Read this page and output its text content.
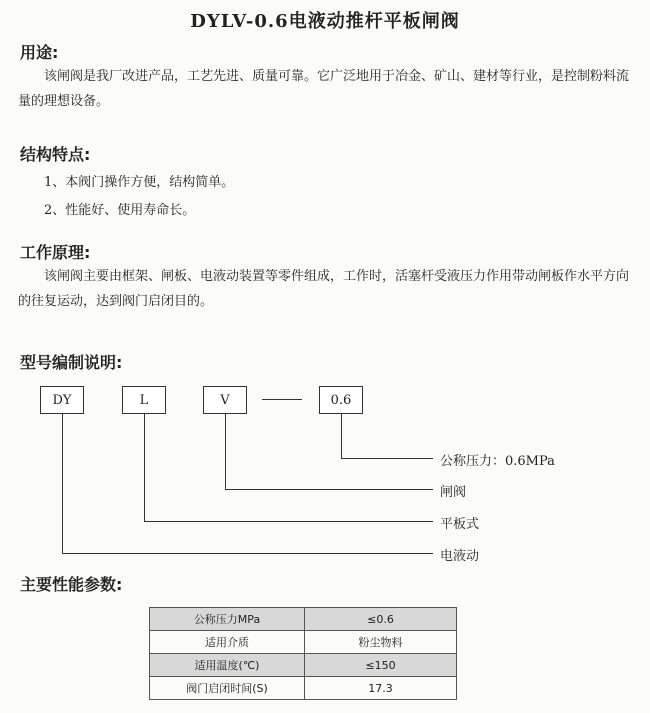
DYLV-0.6电液动推杆平板闸阀
用途:
该闸阀是我厂改进产品，工艺先进、质量可靠。它广泛地用于冶金、矿山、建材等行业，是控制粉料流量的理想设备。
结构特点:
1、本阀门操作方便，结构简单。
2、性能好、使用寿命长。
工作原理:
该闸阀主要由框架、闸板、电液动装置等零件组成，工作时，活塞杆受液压力作用带动闸板作水平方向的往复运动，达到阀门启闭目的。
型号编制说明:
DY	L	V	0.6
公称压力：0.6MPa
闸阀
平板式
电液动
主要性能参数:
公称压力MPa	≤0.6
适用介质	粉尘物料
适用温度(℃)	≤150
阀门启闭时间(S)	17.3
